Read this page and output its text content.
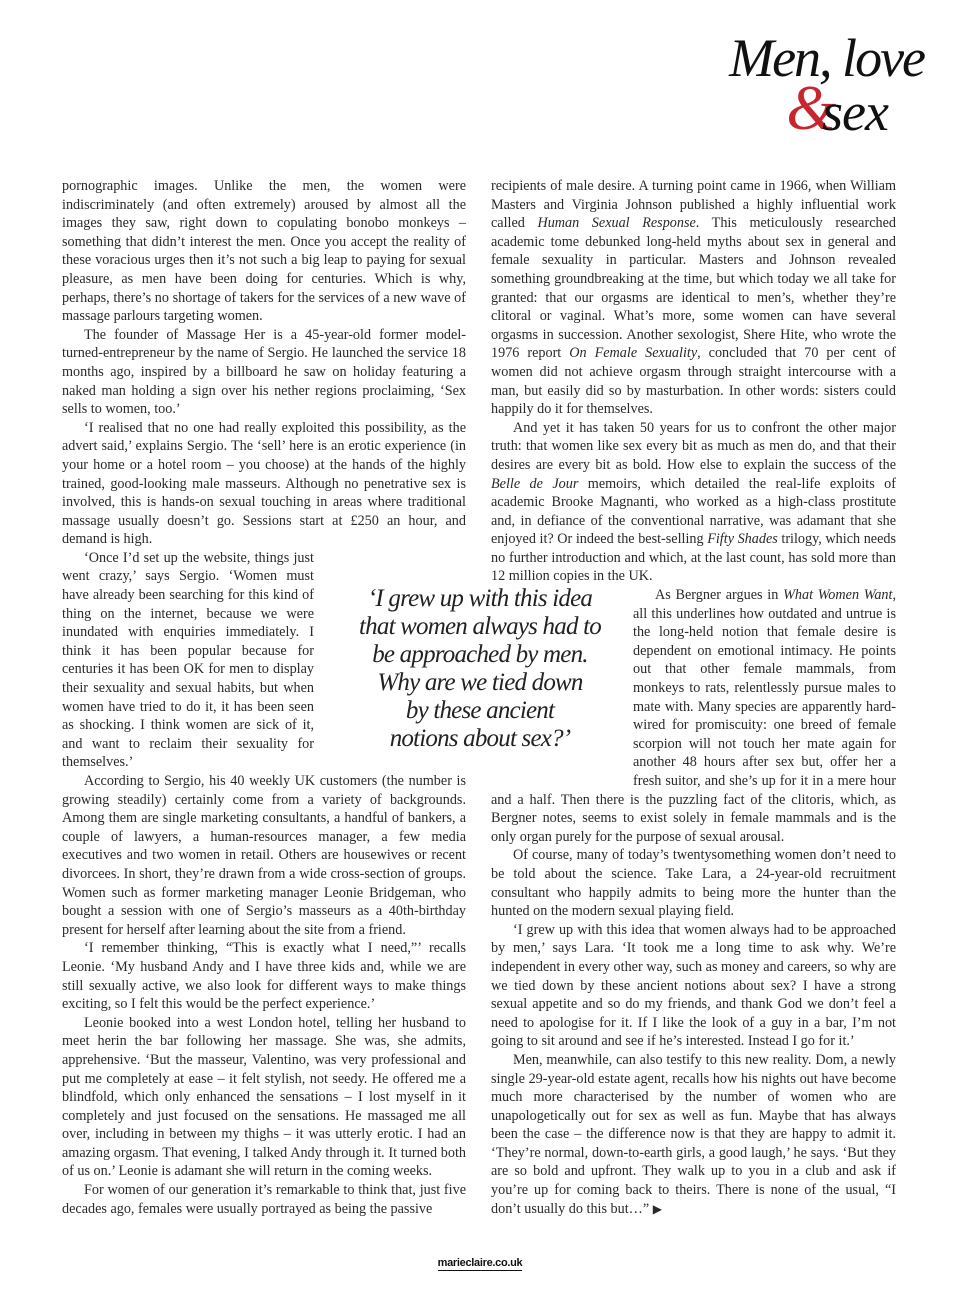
Men, love
&
sex

pornographic images. Unlike the men, the women were indiscriminately (and often extremely) aroused by almost all the images they saw, right down to copulating bonobo monkeys – something that didn’t interest the men. Once you accept the reality of these voracious urges then it’s not such a big leap to paying for sexual pleasure, as men have been doing for centuries. Which is why, perhaps, there’s no shortage of takers for the services of a new wave of massage parlours targeting women.

The founder of Massage Her is a 45-year-old former model-turned-entrepreneur by the name of Sergio. He launched the service 18 months ago, inspired by a billboard he saw on holiday featuring a naked man holding a sign over his nether regions proclaiming, ‘Sex sells to women, too.’

‘I realised that no one had really exploited this possibility, as the advert said,’ explains Sergio. The ‘sell’ here is an erotic experience (in your home or a hotel room – you choose) at the hands of the highly trained, good-looking male masseurs. Although no penetrative sex is involved, this is hands-on sexual touching in areas where traditional massage usually doesn’t go. Sessions start at £250 an hour, and demand is high.

‘Once I’d set up the website, things just went crazy,’ says Sergio. ‘Women must have already been searching for this kind of thing on the internet, because we were inundated with enquiries immediately. I think it has been popular because for centuries it has been OK for men to display their sexuality and sexual habits, but when women have tried to do it, it has been seen as shocking. I think women are sick of it, and want to reclaim their sexuality for themselves.’

According to Sergio, his 40 weekly UK customers (the number is growing steadily) certainly come from a variety of backgrounds. Among them are single marketing consultants, a handful of bankers, a couple of lawyers, a human-resources manager, a few media executives and two women in retail. Others are housewives or recent divorcees. In short, they’re drawn from a wide cross-section of groups. Women such as former marketing manager Leonie Bridgeman, who bought a session with one of Sergio’s masseurs as a 40th-birthday present for herself after learning about the site from a friend.

‘I remember thinking, “This is exactly what I need,”’ recalls Leonie. ‘My husband Andy and I have three kids and, while we are still sexually active, we also look for different ways to make things exciting, so I felt this would be the perfect experience.’

Leonie booked into a west London hotel, telling her husband to meet herin the bar following her massage. She was, she admits, apprehensive. ‘But the masseur, Valentino, was very professional and put me completely at ease – it felt stylish, not seedy. He offered me a blindfold, which only enhanced the sensations – I lost myself in it completely and just focused on the sensations. He massaged me all over, including in between my thighs – it was utterly erotic. I had an amazing orgasm. That evening, I talked Andy through it. It turned both of us on.’ Leonie is adamant she will return in the coming weeks.

For women of our generation it’s remarkable to think that, just five decades ago, females were usually portrayed as being the passive

recipients of male desire. A turning point came in 1966, when William Masters and Virginia Johnson published a highly influential work called Human Sexual Response. This meticulously researched academic tome debunked long-held myths about sex in general and female sexuality in particular. Masters and Johnson revealed something groundbreaking at the time, but which today we all take for granted: that our orgasms are identical to men’s, whether they’re clitoral or vaginal. What’s more, some women can have several orgasms in succession. Another sexologist, Shere Hite, who wrote the 1976 report On Female Sexuality, concluded that 70 per cent of women did not achieve orgasm through straight intercourse with a man, but easily did so by masturbation. In other words: sisters could happily do it for themselves.

And yet it has taken 50 years for us to confront the other major truth: that women like sex every bit as much as men do, and that their desires are every bit as bold. How else to explain the success of the Belle de Jour memoirs, which detailed the real-life exploits of academic Brooke Magnanti, who worked as a high-class prostitute and, in defiance of the conventional narrative, was adamant that she enjoyed it? Or indeed the best-selling Fifty Shades trilogy, which needs no further introduction and which, at the last count, has sold more than 12 million copies in the UK.

As Bergner argues in What Women Want, all this underlines how outdated and untrue is the long-held notion that female desire is dependent on emotional intimacy. He points out that other female mammals, from monkeys to rats, relentlessly pursue males to mate with. Many species are apparently hard-wired for promiscuity: one breed of female scorpion will not touch her mate again for another 48 hours after sex but, offer her a fresh suitor, and she’s up for it in a mere hour and a half. Then there is the puzzling fact of the clitoris, which, as Bergner notes, seems to exist solely in female mammals and is the only organ purely for the purpose of sexual arousal.

Of course, many of today’s twentysomething women don’t need to be told about the science. Take Lara, a 24-year-old recruitment consultant who happily admits to being more the hunter than the hunted on the modern sexual playing field.

‘I grew up with this idea that women always had to be approached by men,’ says Lara. ‘It took me a long time to ask why. We’re independent in every other way, such as money and careers, so why are we tied down by these ancient notions about sex? I have a strong sexual appetite and so do my friends, and thank God we don’t feel a need to apologise for it. If I like the look of a guy in a bar, I’m not going to sit around and see if he’s interested. Instead I go for it.’

Men, meanwhile, can also testify to this new reality. Dom, a newly single 29-year-old estate agent, recalls how his nights out have become much more characterised by the number of women who are unapologetically out for sex as well as fun. Maybe that has always been the case – the difference now is that they are happy to admit it. ‘They’re normal, down-to-earth girls, a good laugh,’ he says. ‘But they are so bold and upfront. They walk up to you in a club and ask if you’re up for coming back to theirs. There is none of the usual, “I don’t usually do this but…” ▶

‘I grew up with this idea
that women always had to
be approached by men.
Why are we tied down
by these ancient
notions about sex?’
marieclaire.co.uk
